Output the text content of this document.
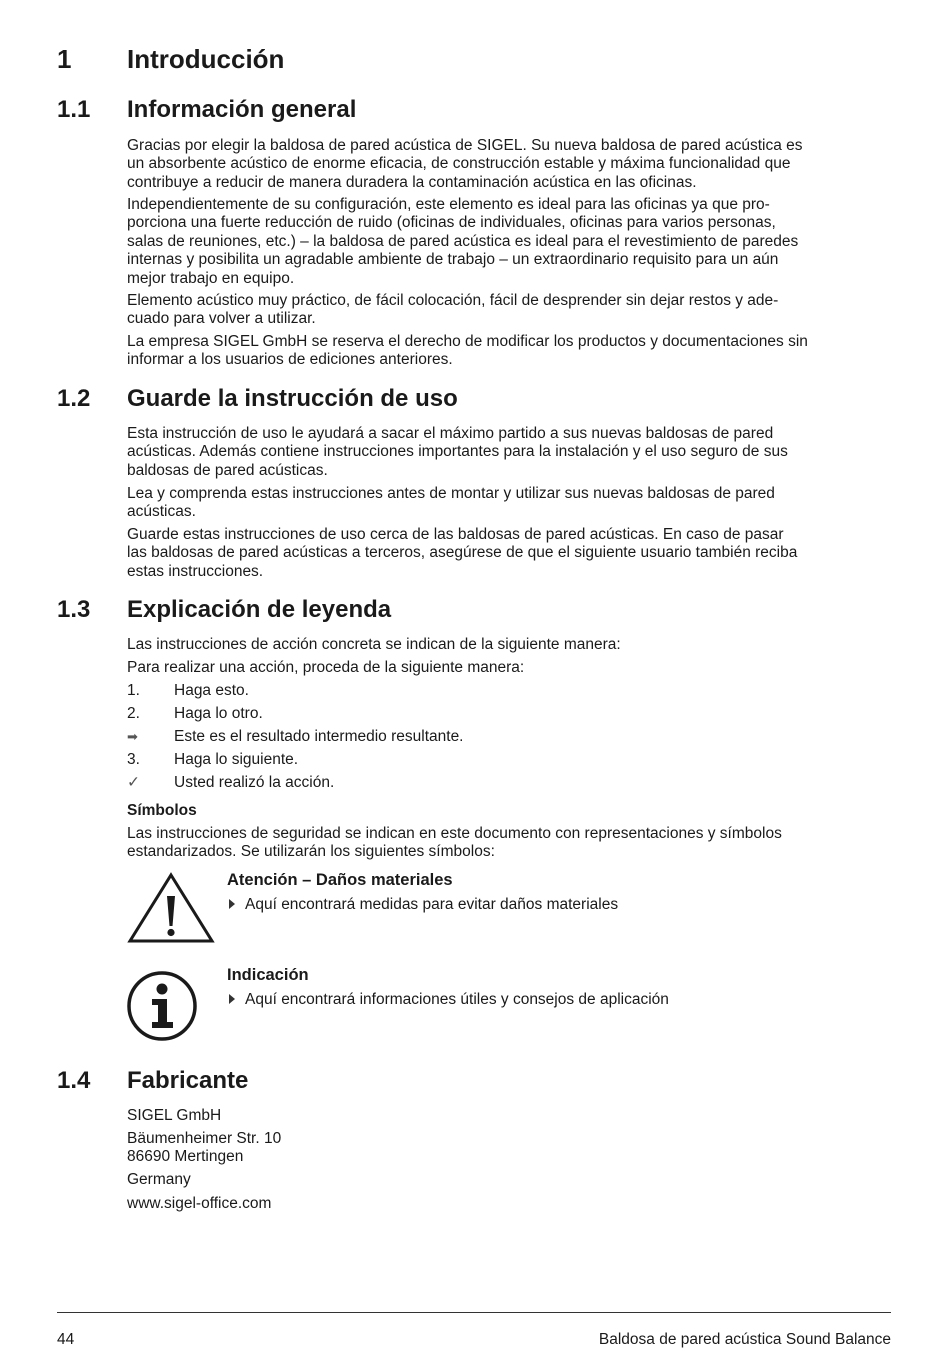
1 Introducción
1.1 Información general
Gracias por elegir la baldosa de pared acústica de SIGEL. Su nueva baldosa de pared acústica es
un absorbente acústico de enorme eficacia, de construcción estable y máxima funcionalidad que
contribuye a reducir de manera duradera la contaminación acústica en las oficinas.
Independientemente de su configuración, este elemento es ideal para las oficinas ya que pro-
porciona una fuerte reducción de ruido (oficinas de individuales, oficinas para varios personas,
salas de reuniones, etc.) – la baldosa de pared acústica es ideal para el revestimiento de paredes
internas y posibilita un agradable ambiente de trabajo – un extraordinario requisito para un aún
mejor trabajo en equipo.
Elemento acústico muy práctico, de fácil colocación, fácil de desprender sin dejar restos y ade-
cuado para volver a utilizar.
La empresa SIGEL GmbH se reserva el derecho de modificar los productos y documentaciones sin
informar a los usuarios de ediciones anteriores.
1.2 Guarde la instrucción de uso
Esta instrucción de uso le ayudará a sacar el máximo partido a sus nuevas baldosas de pared
acústicas. Además contiene instrucciones importantes para la instalación y el uso seguro de sus
baldosas de pared acústicas.
Lea y comprenda estas instrucciones antes de montar y utilizar sus nuevas baldosas de pared
acústicas.
Guarde estas instrucciones de uso cerca de las baldosas de pared acústicas. En caso de pasar
las baldosas de pared acústicas a terceros, asegúrese de que el siguiente usuario también reciba
estas instrucciones.
1.3 Explicación de leyenda
Las instrucciones de acción concreta se indican de la siguiente manera:
Para realizar una acción, proceda de la siguiente manera:
1.	Haga esto.
2.	Haga lo otro.
➡	Este es el resultado intermedio resultante.
3.	Haga lo siguiente.
✓	Usted realizó la acción.
Símbolos
Las instrucciones de seguridad se indican en este documento con representaciones y símbolos
estandarizados. Se utilizarán los siguientes símbolos:
Atención – Daños materiales
Aquí encontrará medidas para evitar daños materiales
Indicación
Aquí encontrará informaciones útiles y consejos de aplicación
1.4 Fabricante
SIGEL GmbH
Bäumenheimer Str. 10
86690 Mertingen
Germany
www.sigel-office.com
44	Baldosa de pared acústica Sound Balance
